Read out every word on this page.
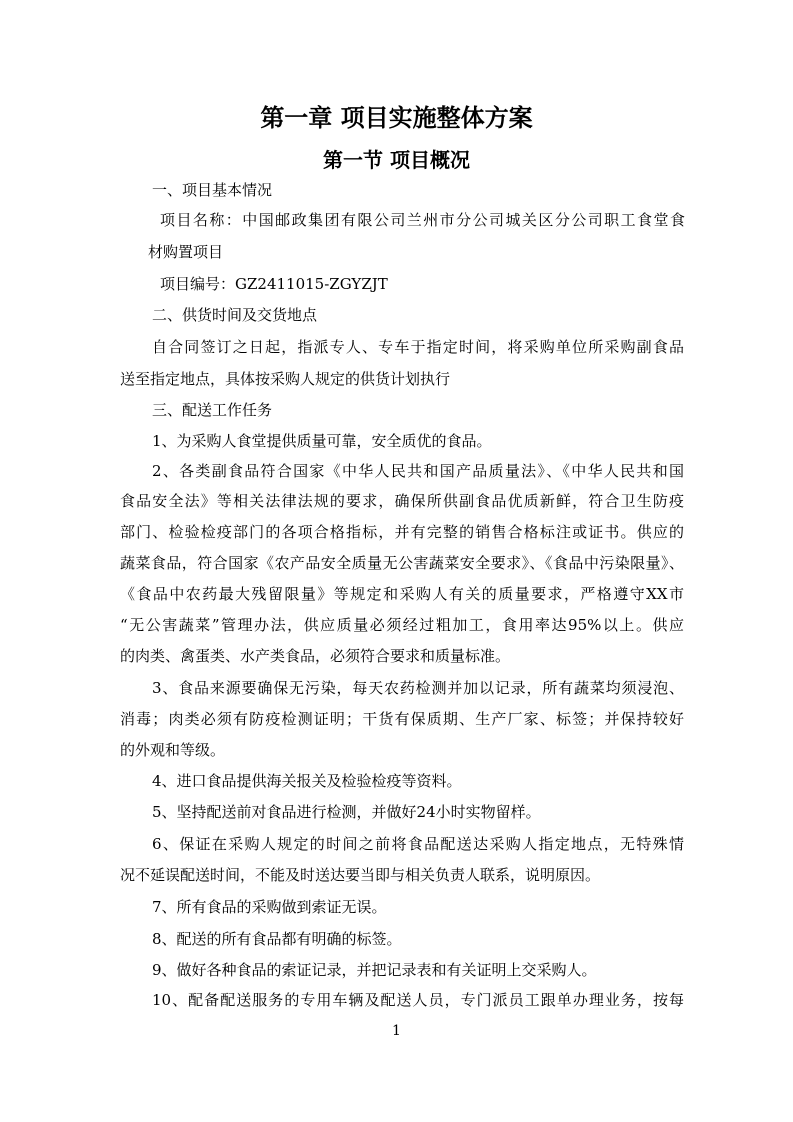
第一章 项目实施整体方案
第一节 项目概况
一、项目基本情况
项目名称：中国邮政集团有限公司兰州市分公司城关区分公司职工食堂食
材购置项目
项目编号：GZ2411015-ZGYZJT
二、供货时间及交货地点
自合同签订之日起，指派专人、专车于指定时间，将采购单位所采购副食品
送至指定地点，具体按采购人规定的供货计划执行
三、配送工作任务
1、为采购人食堂提供质量可靠，安全质优的食品。
2、各类副食品符合国家《中华人民共和国产品质量法》、《中华人民共和国
食品安全法》等相关法律法规的要求，确保所供副食品优质新鲜，符合卫生防疫
部门、检验检疫部门的各项合格指标，并有完整的销售合格标注或证书。供应的
蔬菜食品，符合国家《农产品安全质量无公害蔬菜安全要求》、《食品中污染限量》、
《食品中农药最大残留限量》等规定和采购人有关的质量要求，严格遵守XX市
“无公害蔬菜”管理办法，供应质量必须经过粗加工，食用率达95%以上。供应
的肉类、禽蛋类、水产类食品，必须符合要求和质量标准。
3、食品来源要确保无污染，每天农药检测并加以记录，所有蔬菜均须浸泡、
消毒；肉类必须有防疫检测证明；干货有保质期、生产厂家、标签；并保持较好
的外观和等级。
4、进口食品提供海关报关及检验检疫等资料。
5、坚持配送前对食品进行检测，并做好24小时实物留样。
6、保证在采购人规定的时间之前将食品配送达采购人指定地点，无特殊情
况不延误配送时间，不能及时送达要当即与相关负责人联系，说明原因。
7、所有食品的采购做到索证无误。
8、配送的所有食品都有明确的标签。
9、做好各种食品的索证记录，并把记录表和有关证明上交采购人。
10、配备配送服务的专用车辆及配送人员，专门派员工跟单办理业务，按每
1
